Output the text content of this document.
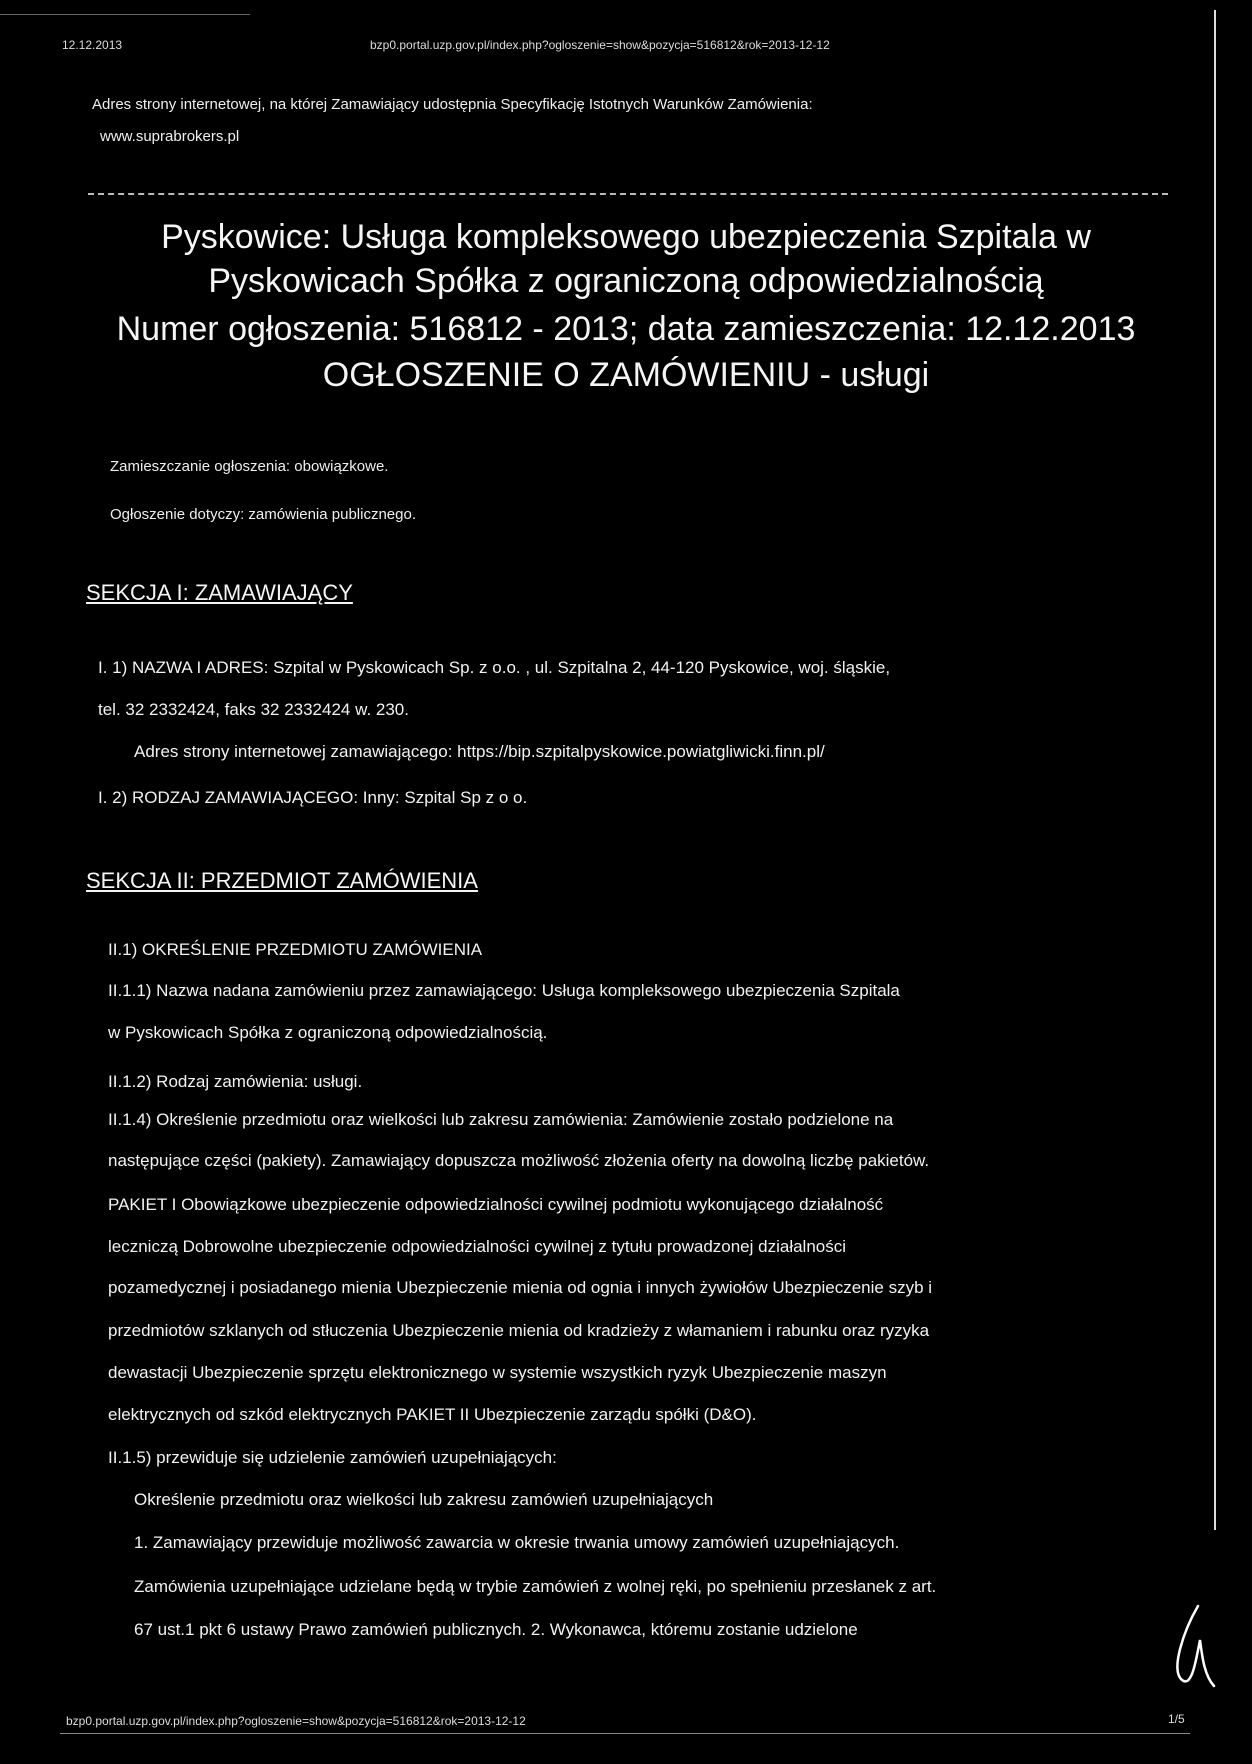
12.12.2013	bzp0.portal.uzp.gov.pl/index.php?ogloszenie=show&pozycja=516812&rok=2013-12-12

Adres strony internetowej, na której Zamawiający udostępnia Specyfikację Istotnych Warunków Zamówienia:

www.suprabrokers.pl

Pyskowice: Usługa kompleksowego ubezpieczenia Szpitala w
Pyskowicach Spółka z ograniczoną odpowiedzialnością
Numer ogłoszenia: 516812 - 2013; data zamieszczenia: 12.12.2013
OGŁOSZENIE O ZAMÓWIENIU - usługi

Zamieszczanie ogłoszenia: obowiązkowe.

Ogłoszenie dotyczy: zamówienia publicznego.

SEKCJA I: ZAMAWIAJĄCY

I. 1) NAZWA I ADRES: Szpital w Pyskowicach Sp. z o.o. , ul. Szpitalna 2, 44-120 Pyskowice, woj. śląskie,

tel. 32 2332424, faks 32 2332424 w. 230.

Adres strony internetowej zamawiającego: https://bip.szpitalpyskowice.powiatgliwicki.finn.pl/

I. 2) RODZAJ ZAMAWIAJĄCEGO: Inny: Szpital Sp z o o.

SEKCJA II: PRZEDMIOT ZAMÓWIENIA

II.1) OKREŚLENIE PRZEDMIOTU ZAMÓWIENIA

II.1.1) Nazwa nadana zamówieniu przez zamawiającego: Usługa kompleksowego ubezpieczenia Szpitala

w Pyskowicach Spółka z ograniczoną odpowiedzialnością.

II.1.2) Rodzaj zamówienia: usługi.

II.1.4) Określenie przedmiotu oraz wielkości lub zakresu zamówienia: Zamówienie zostało podzielone na

następujące części (pakiety). Zamawiający dopuszcza możliwość złożenia oferty na dowolną liczbę pakietów.

PAKIET I Obowiązkowe ubezpieczenie odpowiedzialności cywilnej podmiotu wykonującego działalność

leczniczą Dobrowolne ubezpieczenie odpowiedzialności cywilnej z tytułu prowadzonej działalności

pozamedycznej i posiadanego mienia Ubezpieczenie mienia od ognia i innych żywiołów Ubezpieczenie szyb i

przedmiotów szklanych od stłuczenia Ubezpieczenie mienia od kradzieży z włamaniem i rabunku oraz ryzyka

dewastacji Ubezpieczenie sprzętu elektronicznego w systemie wszystkich ryzyk Ubezpieczenie maszyn

elektrycznych od szkód elektrycznych PAKIET II Ubezpieczenie zarządu spółki (D&O).

II.1.5) przewiduje się udzielenie zamówień uzupełniających:

Określenie przedmiotu oraz wielkości lub zakresu zamówień uzupełniających

1. Zamawiający przewiduje możliwość zawarcia w okresie trwania umowy zamówień uzupełniających.

Zamówienia uzupełniające udzielane będą w trybie zamówień z wolnej ręki, po spełnieniu przesłanek z art.

67 ust.1 pkt 6 ustawy Prawo zamówień publicznych. 2. Wykonawca, któremu zostanie udzielone

bzp0.portal.uzp.gov.pl/index.php?ogloszenie=show&pozycja=516812&rok=2013-12-12	1/5
